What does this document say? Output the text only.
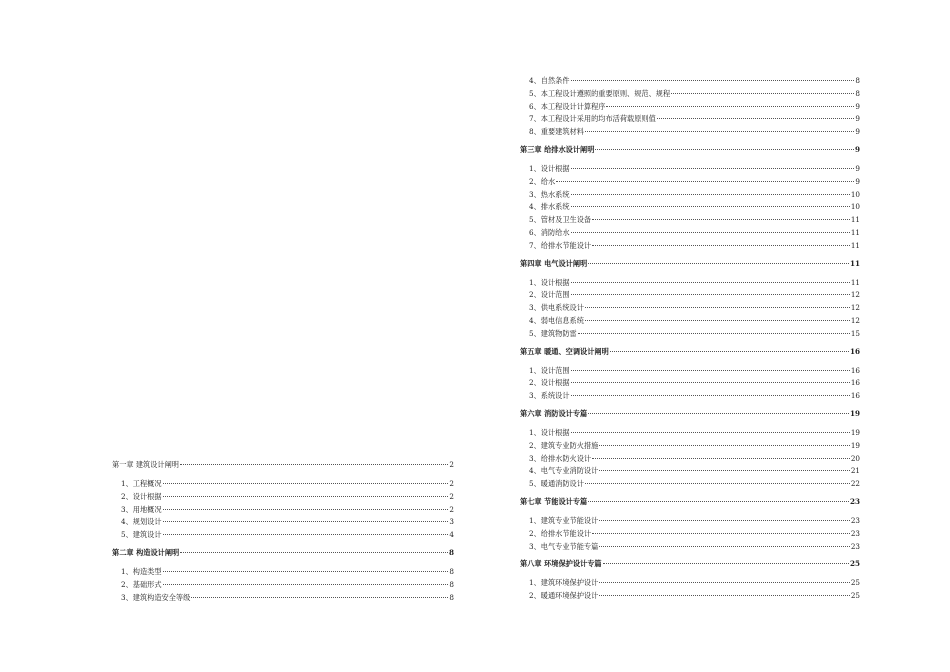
第一章 建筑设计阐明	2
1、工程概况	2
2、设计根据	2
3、用地概况	2
4、规划设计	3
5、建筑设计	4
第二章 构造设计阐明	8
1、构造类型	8
2、基础形式	8
3、建筑构造安全等级	8
4、自然条件	8
5、本工程设计遵照的重要原则、规范、规程	8
6、本工程设计计算程序	9
7、本工程设计采用的均布活荷载原则值	9
8、重要建筑材料	9
第三章 给排水设计阐明	9
1、设计根据	9
2、给水	9
3、热水系统	10
4、排水系统	10
5、管材及卫生设备	11
6、消防给水	11
7、给排水节能设计	11
第四章 电气设计阐明	11
1、设计根据	11
2、设计范围	12
3、供电系统设计	12
4、弱电信息系统	12
5、建筑物防雷	15
第五章 暖通、空调设计阐明	16
1、设计范围	16
2、设计根据	16
3、系统设计	16
第六章 消防设计专篇	19
1、设计根据	19
2、建筑专业防火措施	19
3、给排水防火设计	20
4、电气专业消防设计	21
5、暖通消防设计	22
第七章 节能设计专篇	23
1、建筑专业节能设计	23
2、给排水节能设计	23
3、电气专业节能专篇	23
第八章 环境保护设计专篇	25
1、建筑环境保护设计	25
2、暖通环境保护设计	25
